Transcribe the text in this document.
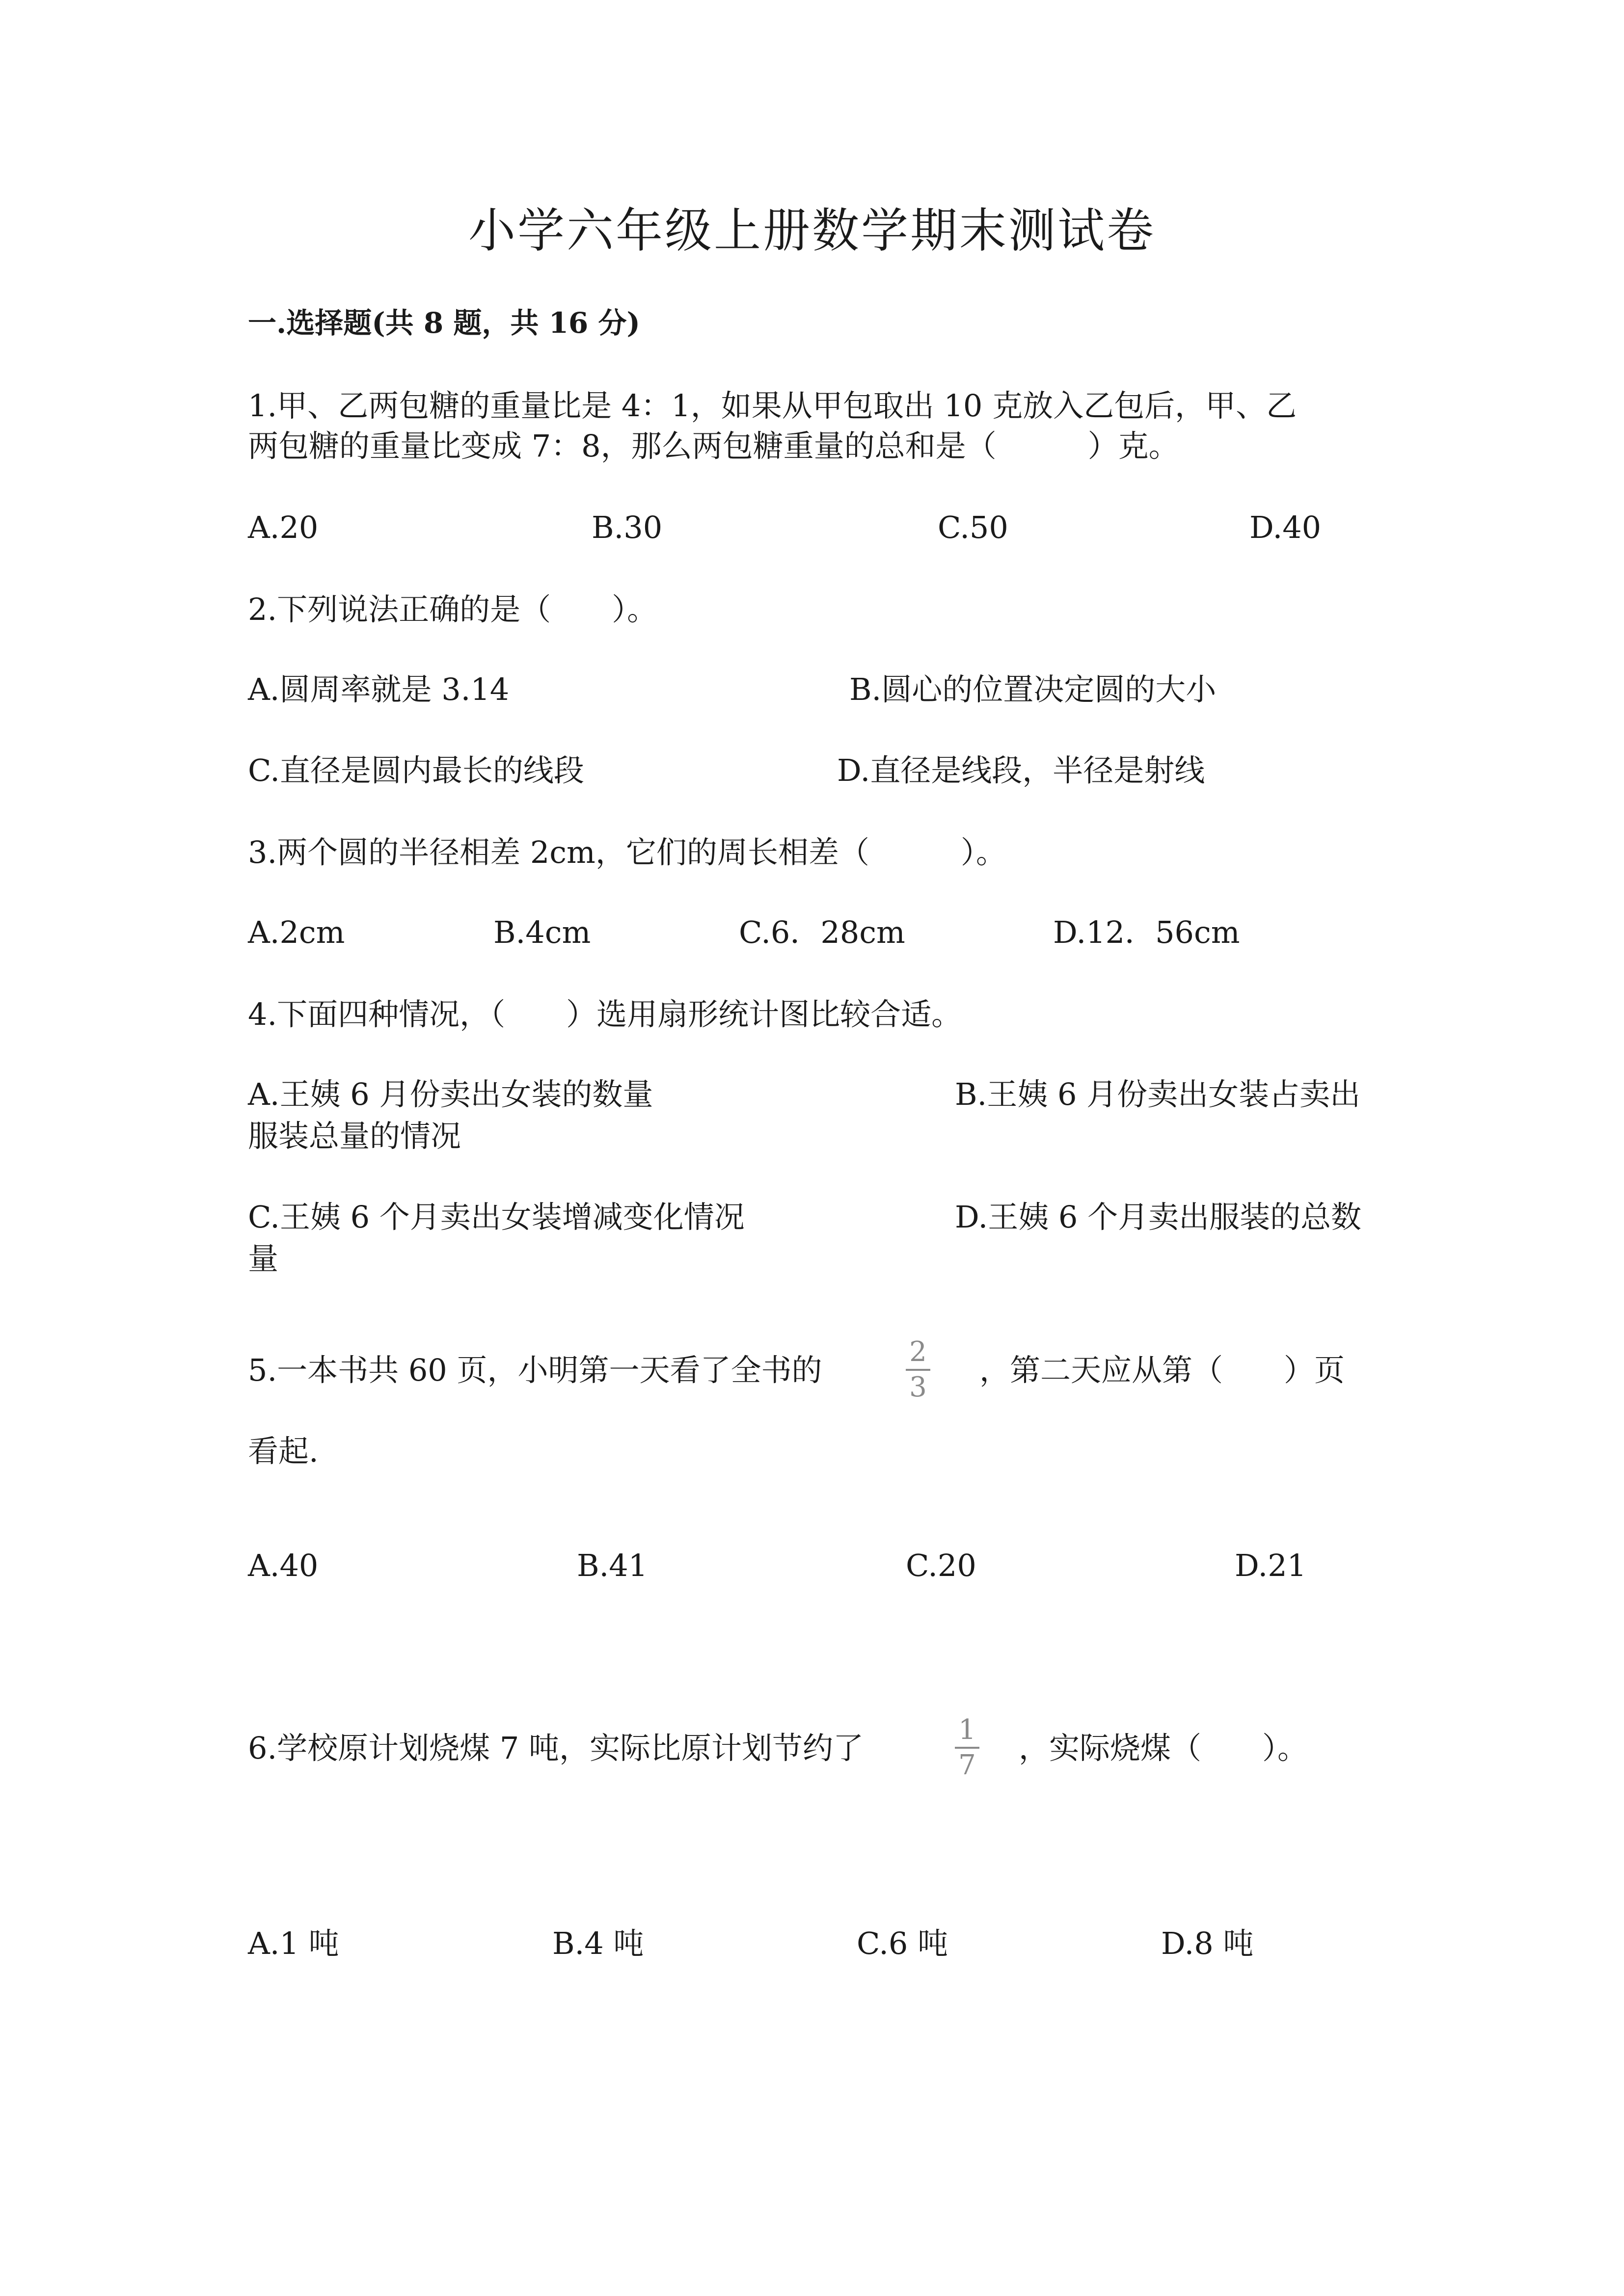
小学六年级上册数学期末测试卷
一.选择题(共 8 题，共 16 分)
1.甲、乙两包糖的重量比是 4：1，如果从甲包取出 10 克放入乙包后，甲、乙
两包糖的重量比变成 7：8，那么两包糖重量的总和是（　　　）克。
A.20	B.30	C.50	D.40
2.下列说法正确的是（　　）。
A.圆周率就是 3.14	B.圆心的位置决定圆的大小
C.直径是圆内最长的线段	D.直径是线段，半径是射线
3.两个圆的半径相差 2cm，它们的周长相差（　　　）。
A.2cm	B.4cm	C.6．28cm	D.12．56cm
4.下面四种情况，（　　）选用扇形统计图比较合适。
A.王姨 6 月份卖出女装的数量	B.王姨 6 月份卖出女装占卖出
服装总量的情况
C.王姨 6 个月卖出女装增减变化情况	D.王姨 6 个月卖出服装的总数
量
5.一本书共 60 页，小明第一天看了全书的
2
3 ，第二天应从第（　　）页
看起.
A.40	B.41	C.20	D.21
6.学校原计划烧煤 7 吨，实际比原计划节约了
1
7 ，实际烧煤（　　）。
A.1 吨	B.4 吨	C.6 吨	D.8 吨
